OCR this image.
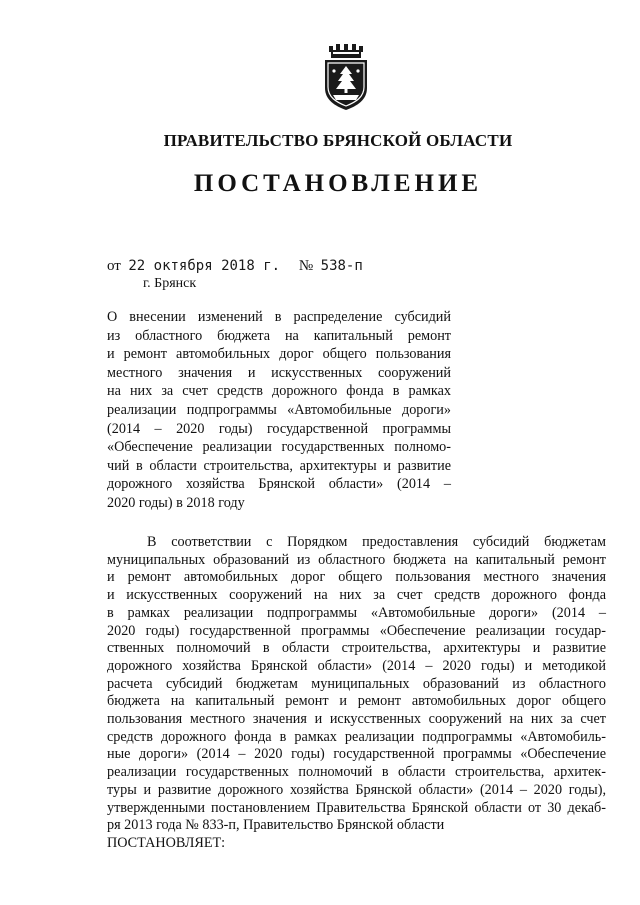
ПРАВИТЕЛЬСТВО БРЯНСКОЙ ОБЛАСТИ
ПОСТАНОВЛЕНИЕ
от 22 октября 2018 г. № 538-п
г. Брянск
О внесении изменений в распределение субсидий
из областного бюджета на капитальный ремонт
и ремонт автомобильных дорог общего пользования
местного значения и искусственных сооружений
на них за счет средств дорожного фонда в рамках
реализации подпрограммы «Автомобильные дороги»
(2014 – 2020 годы) государственной программы
«Обеспечение реализации государственных полномо-
чий в области строительства, архитектуры и развитие
дорожного хозяйства Брянской области» (2014 –
2020 годы) в 2018 году
В соответствии с Порядком предоставления субсидий бюджетам
муниципальных образований из областного бюджета на капитальный ремонт
и ремонт автомобильных дорог общего пользования местного значения
и искусственных сооружений на них за счет средств дорожного фонда
в рамках реализации подпрограммы «Автомобильные дороги» (2014 –
2020 годы) государственной программы «Обеспечение реализации государ-
ственных полномочий в области строительства, архитектуры и развитие
дорожного хозяйства Брянской области» (2014 – 2020 годы) и методикой
расчета субсидий бюджетам муниципальных образований из областного
бюджета на капитальный ремонт и ремонт автомобильных дорог общего
пользования местного значения и искусственных сооружений на них за счет
средств дорожного фонда в рамках реализации подпрограммы «Автомобиль-
ные дороги» (2014 – 2020 годы) государственной программы «Обеспечение
реализации государственных полномочий в области строительства, архитек-
туры и развитие дорожного хозяйства Брянской области» (2014 – 2020 годы),
утвержденными постановлением Правительства Брянской области от 30 декаб-
ря 2013 года № 833-п, Правительство Брянской области
ПОСТАНОВЛЯЕТ:
